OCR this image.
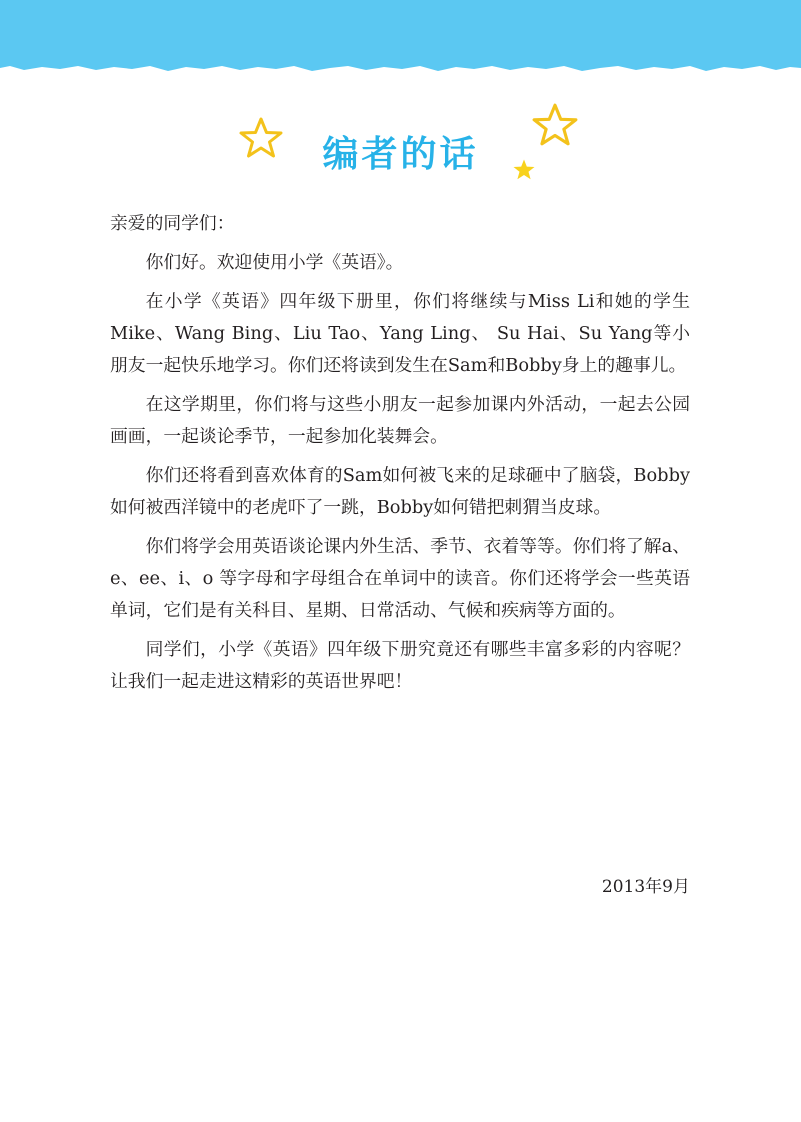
编者的话

亲爱的同学们：

你们好。欢迎使用小学《英语》。

在小学《英语》四年级下册里，你们将继续与Miss Li和她的学生Mike、Wang Bing、Liu Tao、Yang Ling、 Su Hai、Su Yang等小朋友一起快乐地学习。你们还将读到发生在Sam和Bobby身上的趣事儿。

在这学期里，你们将与这些小朋友一起参加课内外活动，一起去公园画画，一起谈论季节，一起参加化装舞会。

你们还将看到喜欢体育的Sam如何被飞来的足球砸中了脑袋，Bobby如何被西洋镜中的老虎吓了一跳，Bobby如何错把刺猬当皮球。

你们将学会用英语谈论课内外生活、季节、衣着等等。你们将了解a、e、ee、i、o 等字母和字母组合在单词中的读音。你们还将学会一些英语单词，它们是有关科目、星期、日常活动、气候和疾病等方面的。

同学们，小学《英语》四年级下册究竟还有哪些丰富多彩的内容呢？让我们一起走进这精彩的英语世界吧！

2013年9月
